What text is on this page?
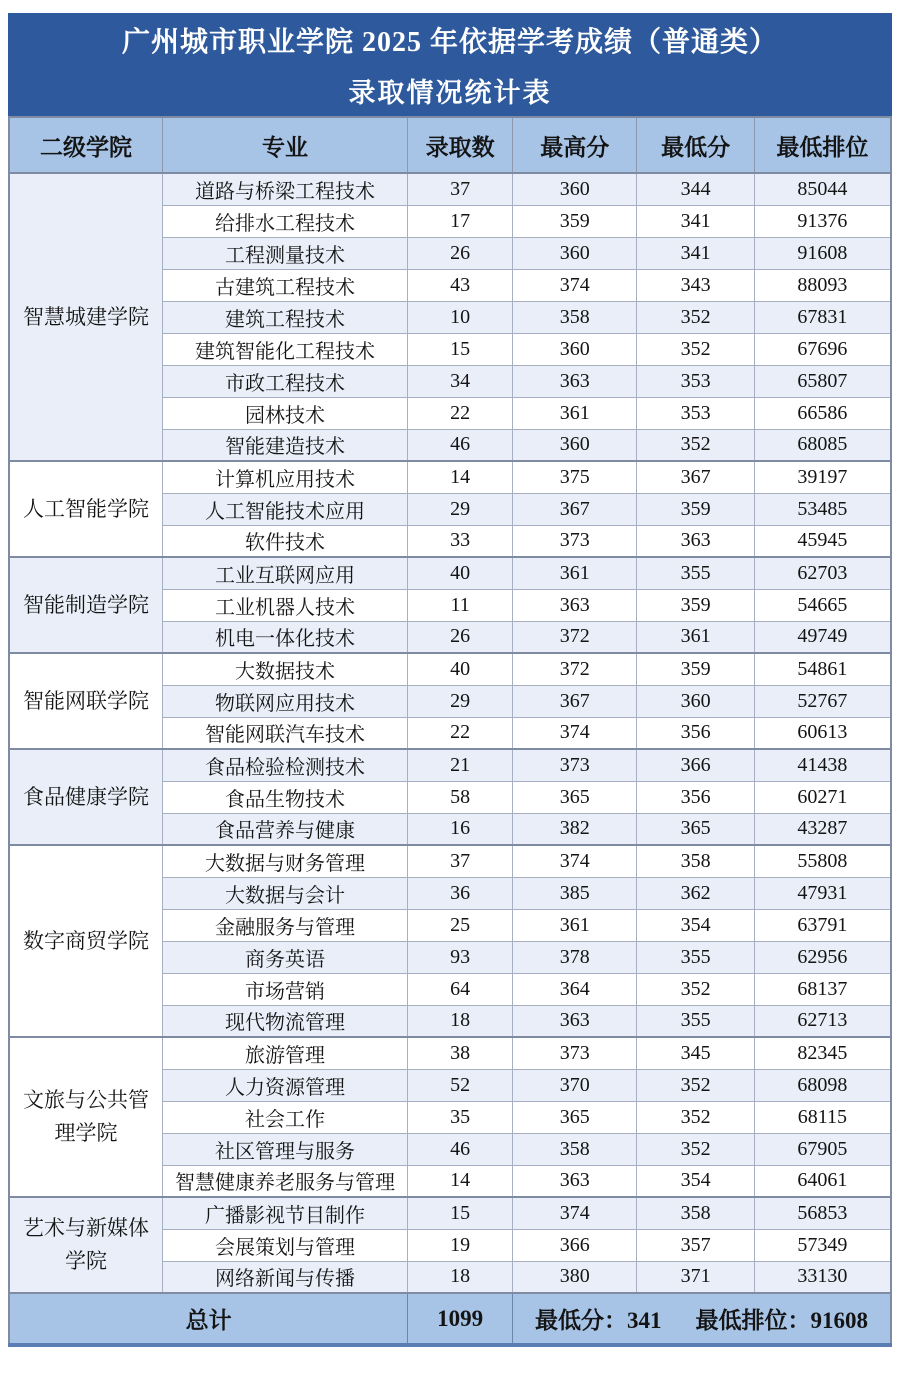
广州城市职业学院 2025 年依据学考成绩（普通类）
录取情况统计表
二级学院	专业	录取数	最高分	最低分	最低排位
智慧城建学院	道路与桥梁工程技术	37	360	344	85044
	给排水工程技术	17	359	341	91376
	工程测量技术	26	360	341	91608
	古建筑工程技术	43	374	343	88093
	建筑工程技术	10	358	352	67831
	建筑智能化工程技术	15	360	352	67696
	市政工程技术	34	363	353	65807
	园林技术	22	361	353	66586
	智能建造技术	46	360	352	68085
人工智能学院	计算机应用技术	14	375	367	39197
	人工智能技术应用	29	367	359	53485
	软件技术	33	373	363	45945
智能制造学院	工业互联网应用	40	361	355	62703
	工业机器人技术	11	363	359	54665
	机电一体化技术	26	372	361	49749
智能网联学院	大数据技术	40	372	359	54861
	物联网应用技术	29	367	360	52767
	智能网联汽车技术	22	374	356	60613
食品健康学院	食品检验检测技术	21	373	366	41438
	食品生物技术	58	365	356	60271
	食品营养与健康	16	382	365	43287
数字商贸学院	大数据与财务管理	37	374	358	55808
	大数据与会计	36	385	362	47931
	金融服务与管理	25	361	354	63791
	商务英语	93	378	355	62956
	市场营销	64	364	352	68137
	现代物流管理	18	363	355	62713
文旅与公共管理学院	旅游管理	38	373	345	82345
	人力资源管理	52	370	352	68098
	社会工作	35	365	352	68115
	社区管理与服务	46	358	352	67905
	智慧健康养老服务与管理	14	363	354	64061
艺术与新媒体学院	广播影视节目制作	15	374	358	56853
	会展策划与管理	19	366	357	57349
	网络新闻与传播	18	380	371	33130
总计		1099	最低分：341 最低排位：91608		
